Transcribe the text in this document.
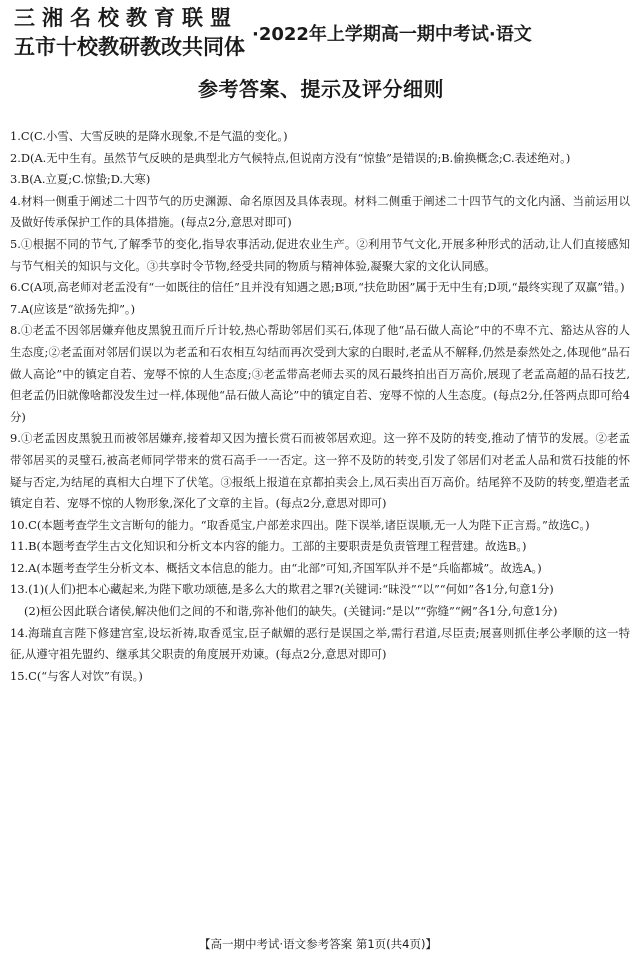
三湘名校教育联盟
五市十校教研教改共同体
·2022年上学期高一期中考试·语文
参考答案、提示及评分细则

1.C(C.小雪、大雪反映的是降水现象,不是气温的变化。)

2.D(A.无中生有。虽然节气反映的是典型北方气候特点,但说南方没有“惊蛰”是错误的;B.偷换概念;C.表述绝对。)

3.B(A.立夏;C.惊蛰;D.大寒)

4.材料一侧重于阐述二十四节气的历史渊源、命名原因及具体表现。材料二侧重于阐述二十四节气的文化内涵、当前运用以及做好传承保护工作的具体措施。(每点2分,意思对即可)

5.①根据不同的节气,了解季节的变化,指导农事活动,促进农业生产。②利用节气文化,开展多种形式的活动,让人们直接感知与节气相关的知识与文化。③共享时令节物,经受共同的物质与精神体验,凝聚大家的文化认同感。

6.C(A项,高老师对老孟没有“一如既往的信任”且并没有知遇之恩;B项,“扶危助困”属于无中生有;D项,“最终实现了双赢”错。)

7.A(应该是“欲扬先抑”。)

8.①老孟不因邻居嫌弃他皮黑貌丑而斤斤计较,热心帮助邻居们买石,体现了他“品石做人高论”中的不卑不亢、豁达从容的人生态度;②老孟面对邻居们误以为老孟和石农相互勾结而再次受到大家的白眼时,老孟从不解释,仍然是泰然处之,体现他“品石做人高论”中的镇定自若、宠辱不惊的人生态度;③老孟带高老师去买的凤石最终拍出百万高价,展现了老孟高超的品石技艺,但老孟仍旧就像啥都没发生过一样,体现他“品石做人高论”中的镇定自若、宠辱不惊的人生态度。(每点2分,任答两点即可给4分)

9.①老孟因皮黑貌丑而被邻居嫌弃,接着却又因为擅长赏石而被邻居欢迎。这一猝不及防的转变,推动了情节的发展。②老孟带邻居买的灵璧石,被高老师同学带来的赏石高手一一否定。这一猝不及防的转变,引发了邻居们对老孟人品和赏石技能的怀疑与否定,为结尾的真相大白埋下了伏笔。③报纸上报道在京都拍卖会上,凤石卖出百万高价。结尾猝不及防的转变,塑造老孟镇定自若、宠辱不惊的人物形象,深化了文章的主旨。(每点2分,意思对即可)

10.C(本题考查学生文言断句的能力。“取香觅宝,户部差求四出。陛下误举,诸臣误顺,无一人为陛下正言焉。”故选C。)

11.B(本题考查学生古文化知识和分析文本内容的能力。工部的主要职责是负责管理工程营建。故选B。)

12.A(本题考查学生分析文本、概括文本信息的能力。由“北部”可知,齐国军队并不是“兵临都城”。故选A。)

13.(1)(人们)把本心藏起来,为陛下歌功颂德,是多么大的欺君之罪?(关键词:“昧没”“以”“何如”各1分,句意1分)

(2)桓公因此联合诸侯,解决他们之间的不和谐,弥补他们的缺失。(关键词:“是以”“弥缝”“阙”各1分,句意1分)

14.海瑞直言陛下修建宫室,设坛祈祷,取香觅宝,臣子献媚的恶行是误国之举,需行君道,尽臣责;展喜则抓住孝公孝顺的这一特征,从遵守祖先盟约、继承其父职责的角度展开劝谏。(每点2分,意思对即可)

15.C(“与客人对饮”有误。)

【高一期中考试·语文参考答案 第1页(共4页)】
